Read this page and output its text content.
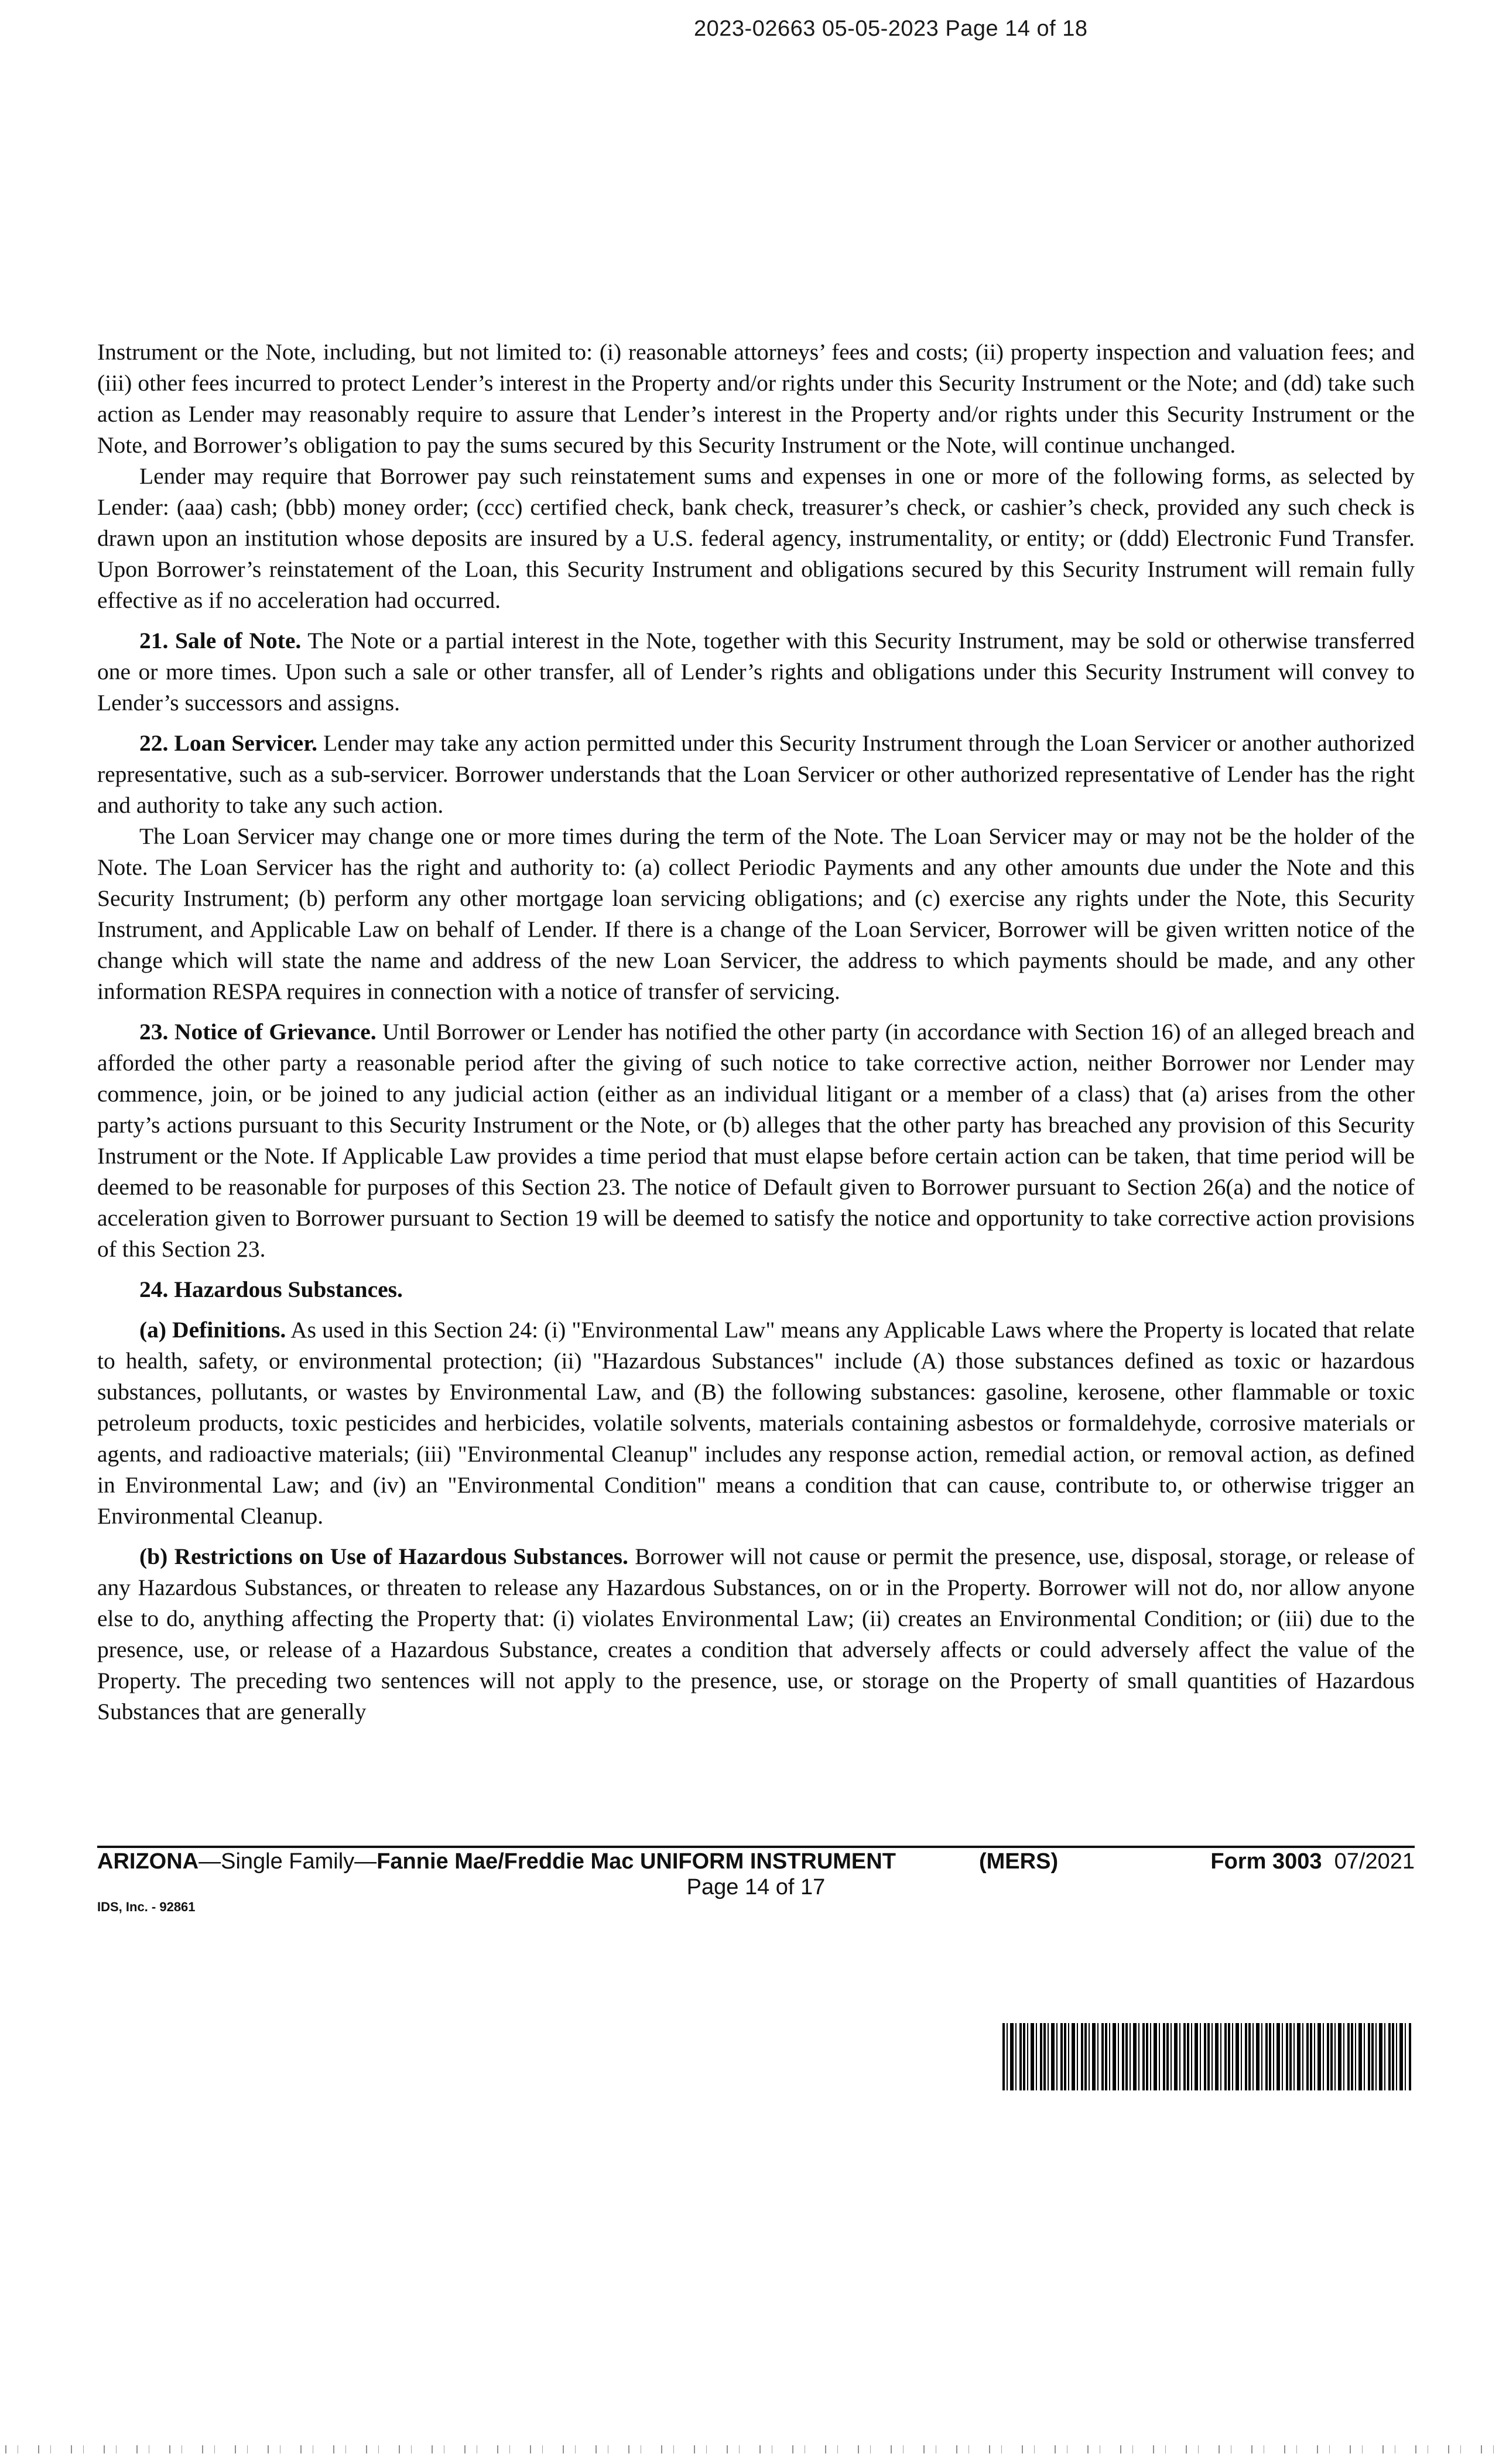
2023-02663 05-05-2023 Page 14 of 18

Instrument or the Note, including, but not limited to: (i) reasonable attorneys’ fees and costs; (ii) property inspection and valuation fees; and (iii) other fees incurred to protect Lender’s interest in the Property and/or rights under this Security Instrument or the Note; and (dd) take such action as Lender may reasonably require to assure that Lender’s interest in the Property and/or rights under this Security Instrument or the Note, and Borrower’s obligation to pay the sums secured by this Security Instrument or the Note, will continue unchanged.

Lender may require that Borrower pay such reinstatement sums and expenses in one or more of the following forms, as selected by Lender: (aaa) cash; (bbb) money order; (ccc) certified check, bank check, treasurer’s check, or cashier’s check, provided any such check is drawn upon an institution whose deposits are insured by a U.S. federal agency, instrumentality, or entity; or (ddd) Electronic Fund Transfer. Upon Borrower’s reinstatement of the Loan, this Security Instrument and obligations secured by this Security Instrument will remain fully effective as if no acceleration had occurred.

21. Sale of Note. The Note or a partial interest in the Note, together with this Security Instrument, may be sold or otherwise transferred one or more times. Upon such a sale or other transfer, all of Lender’s rights and obligations under this Security Instrument will convey to Lender’s successors and assigns.

22. Loan Servicer. Lender may take any action permitted under this Security Instrument through the Loan Servicer or another authorized representative, such as a sub-servicer. Borrower understands that the Loan Servicer or other authorized representative of Lender has the right and authority to take any such action.

The Loan Servicer may change one or more times during the term of the Note. The Loan Servicer may or may not be the holder of the Note. The Loan Servicer has the right and authority to: (a) collect Periodic Payments and any other amounts due under the Note and this Security Instrument; (b) perform any other mortgage loan servicing obligations; and (c) exercise any rights under the Note, this Security Instrument, and Applicable Law on behalf of Lender. If there is a change of the Loan Servicer, Borrower will be given written notice of the change which will state the name and address of the new Loan Servicer, the address to which payments should be made, and any other information RESPA requires in connection with a notice of transfer of servicing.

23. Notice of Grievance. Until Borrower or Lender has notified the other party (in accordance with Section 16) of an alleged breach and afforded the other party a reasonable period after the giving of such notice to take corrective action, neither Borrower nor Lender may commence, join, or be joined to any judicial action (either as an individual litigant or a member of a class) that (a) arises from the other party’s actions pursuant to this Security Instrument or the Note, or (b) alleges that the other party has breached any provision of this Security Instrument or the Note. If Applicable Law provides a time period that must elapse before certain action can be taken, that time period will be deemed to be reasonable for purposes of this Section 23. The notice of Default given to Borrower pursuant to Section 26(a) and the notice of acceleration given to Borrower pursuant to Section 19 will be deemed to satisfy the notice and opportunity to take corrective action provisions of this Section 23.

24. Hazardous Substances.

(a) Definitions. As used in this Section 24: (i) "Environmental Law" means any Applicable Laws where the Property is located that relate to health, safety, or environmental protection; (ii) "Hazardous Substances" include (A) those substances defined as toxic or hazardous substances, pollutants, or wastes by Environmental Law, and (B) the following substances: gasoline, kerosene, other flammable or toxic petroleum products, toxic pesticides and herbicides, volatile solvents, materials containing asbestos or formaldehyde, corrosive materials or agents, and radioactive materials; (iii) "Environmental Cleanup" includes any response action, remedial action, or removal action, as defined in Environmental Law; and (iv) an "Environmental Condition" means a condition that can cause, contribute to, or otherwise trigger an Environmental Cleanup.

(b) Restrictions on Use of Hazardous Substances. Borrower will not cause or permit the presence, use, disposal, storage, or release of any Hazardous Substances, or threaten to release any Hazardous Substances, on or in the Property. Borrower will not do, nor allow anyone else to do, anything affecting the Property that: (i) violates Environmental Law; (ii) creates an Environmental Condition; or (iii) due to the presence, use, or release of a Hazardous Substance, creates a condition that adversely affects or could adversely affect the value of the Property. The preceding two sentences will not apply to the presence, use, or storage on the Property of small quantities of Hazardous Substances that are generally

ARIZONA—Single Family—Fannie Mae/Freddie Mac UNIFORM INSTRUMENT	(MERS)	Form 3003 07/2021
Page 14 of 17
IDS, Inc. - 92861
